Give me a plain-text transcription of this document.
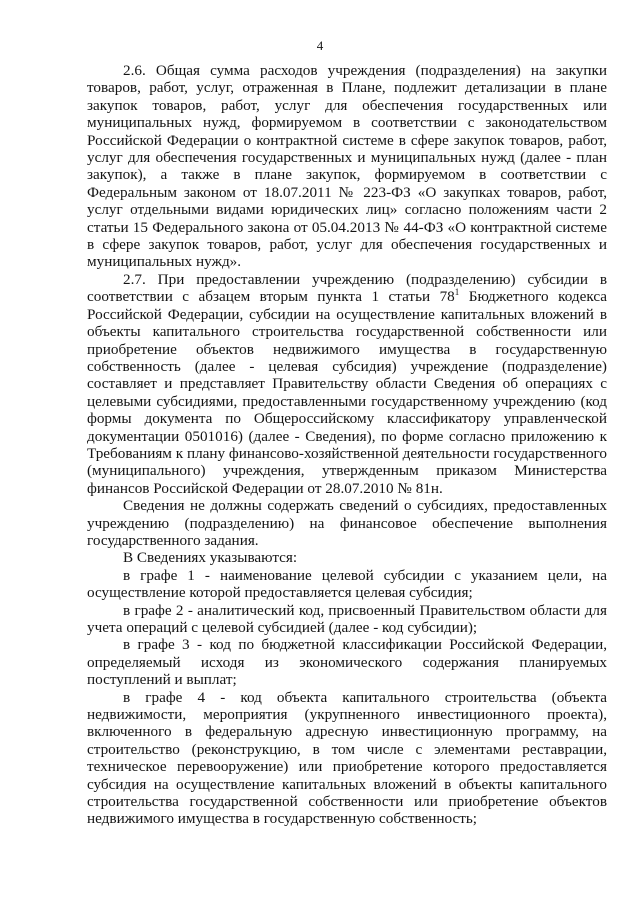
4

2.6. Общая сумма расходов учреждения (подразделения) на закупки товаров, работ, услуг, отраженная в Плане, подлежит детализации в плане закупок товаров, работ, услуг для обеспечения государственных или муниципальных нужд, формируемом в соответствии с законодательством Российской Федерации о контрактной системе в сфере закупок товаров, работ, услуг для обеспечения государственных и муниципальных нужд (далее - план закупок), а также в плане закупок, формируемом в соответствии с Федеральным законом от 18.07.2011 № 223-ФЗ «О закупках товаров, работ, услуг отдельными видами юридических лиц» согласно положениям части 2 статьи 15 Федерального закона от 05.04.2013 № 44-ФЗ «О контрактной системе в сфере закупок товаров, работ, услуг для обеспечения государственных и муниципальных нужд».

2.7. При предоставлении учреждению (подразделению) субсидии в соответствии с абзацем вторым пункта 1 статьи $78^1$ Бюджетного кодекса Российской Федерации, субсидии на осуществление капитальных вложений в объекты капитального строительства государственной собственности или приобретение объектов недвижимого имущества в государственную собственность (далее - целевая субсидия) учреждение (подразделение) составляет и представляет Правительству области Сведения об операциях с целевыми субсидиями, предоставленными государственному учреждению (код формы документа по Общероссийскому классификатору управленческой документации 0501016) (далее - Сведения), по форме согласно приложению к Требованиям к плану финансово-хозяйственной деятельности государственного (муниципального) учреждения, утвержденным приказом Министерства финансов Российской Федерации от 28.07.2010 № 81н.

Сведения не должны содержать сведений о субсидиях, предоставленных учреждению (подразделению) на финансовое обеспечение выполнения государственного задания.

В Сведениях указываются:

в графе 1 - наименование целевой субсидии с указанием цели, на осуществление которой предоставляется целевая субсидия;

в графе 2 - аналитический код, присвоенный Правительством области для учета операций с целевой субсидией (далее - код субсидии);

в графе 3 - код по бюджетной классификации Российской Федерации, определяемый исходя из экономического содержания планируемых поступлений и выплат;

в графе 4 - код объекта капитального строительства (объекта недвижимости, мероприятия (укрупненного инвестиционного проекта), включенного в федеральную адресную инвестиционную программу, на строительство (реконструкцию, в том числе с элементами реставрации, техническое перевооружение) или приобретение которого предоставляется субсидия на осуществление капитальных вложений в объекты капитального строительства государственной собственности или приобретение объектов недвижимого имущества в государственную собственность;
